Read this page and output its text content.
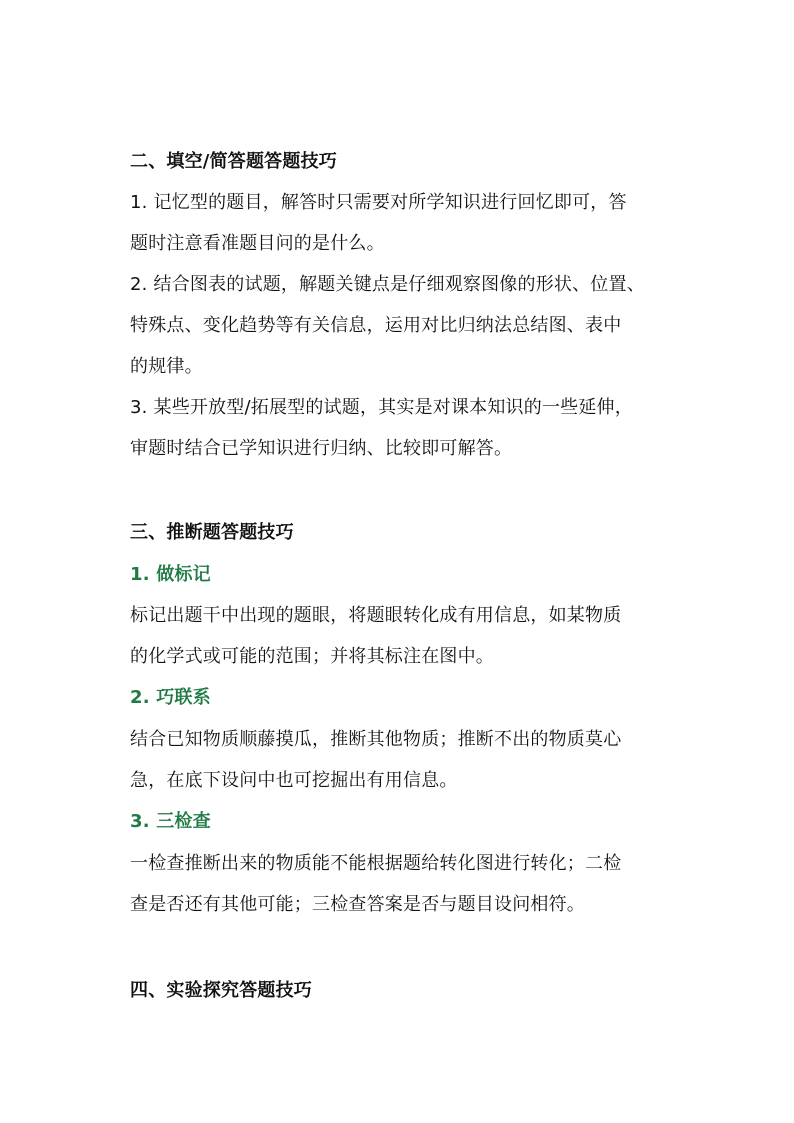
二、填空/简答题答题技巧
1. 记忆型的题目，解答时只需要对所学知识进行回忆即可，答
题时注意看准题目问的是什么。
2. 结合图表的试题，解题关键点是仔细观察图像的形状、位置、
特殊点、变化趋势等有关信息，运用对比归纳法总结图、表中
的规律。
3. 某些开放型/拓展型的试题，其实是对课本知识的一些延伸，
审题时结合已学知识进行归纳、比较即可解答。
三、推断题答题技巧
1. 做标记
标记出题干中出现的题眼，将题眼转化成有用信息，如某物质
的化学式或可能的范围；并将其标注在图中。
2. 巧联系
结合已知物质顺藤摸瓜，推断其他物质；推断不出的物质莫心
急，在底下设问中也可挖掘出有用信息。
3. 三检查
一检查推断出来的物质能不能根据题给转化图进行转化；二检
查是否还有其他可能；三检查答案是否与题目设问相符。
四、实验探究答题技巧
